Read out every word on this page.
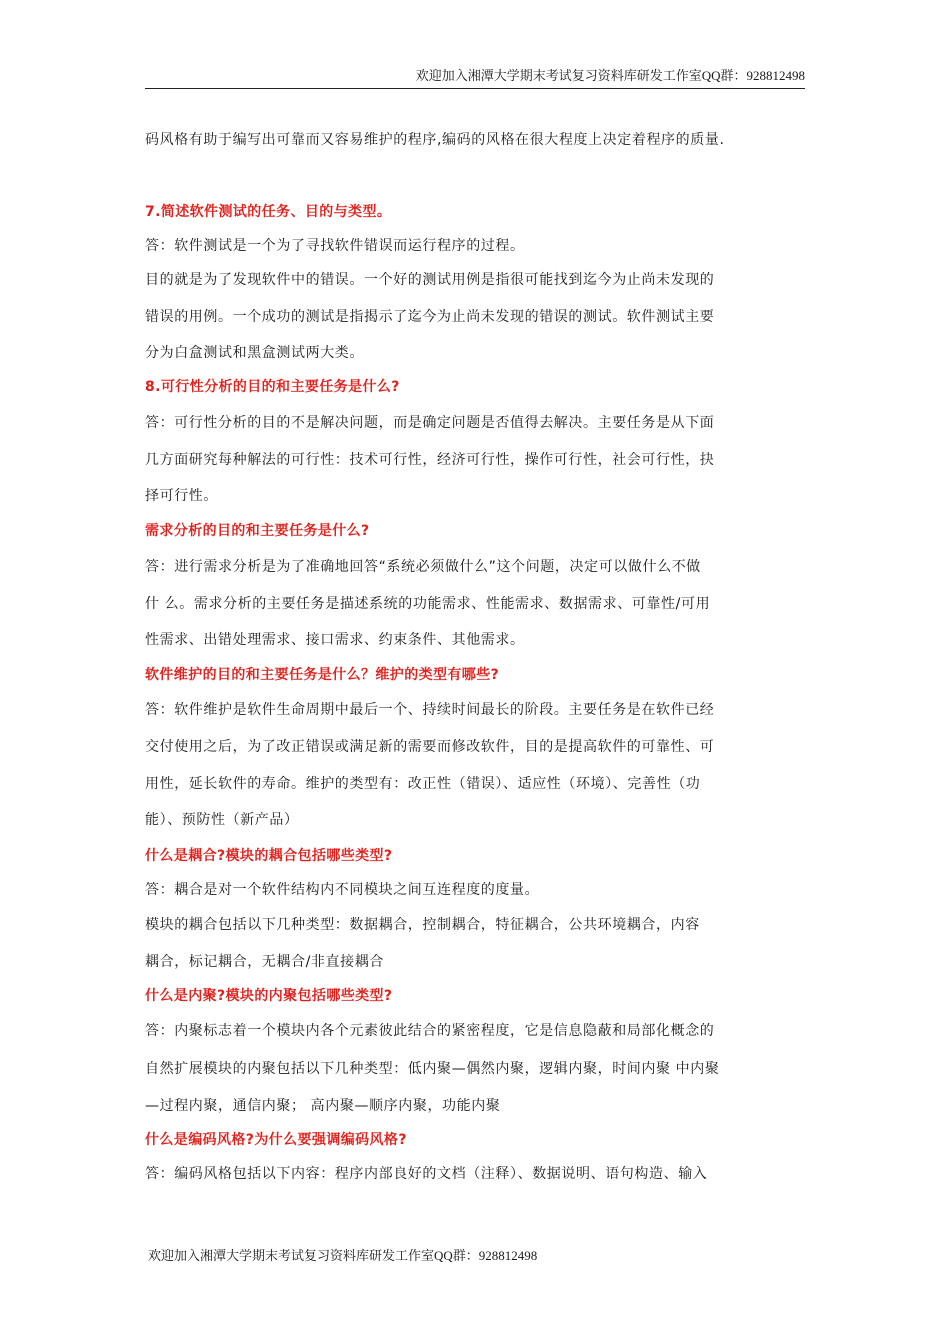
欢迎加入湘潭大学期末考试复习资料库研发工作室QQ群：928812498
码风格有助于编写出可靠而又容易维护的程序,编码的风格在很大程度上决定着程序的质量.
7.简述软件测试的任务、目的与类型。
答：软件测试是一个为了寻找软件错误而运行程序的过程。
目的就是为了发现软件中的错误。一个好的测试用例是指很可能找到迄今为止尚未发现的
错误的用例。一个成功的测试是指揭示了迄今为止尚未发现的错误的测试。软件测试主要
分为白盒测试和黑盒测试两大类。
8.可行性分析的目的和主要任务是什么?
答：可行性分析的目的不是解决问题，而是确定问题是否值得去解决。主要任务是从下面
几方面研究每种解法的可行性：技术可行性，经济可行性，操作可行性，社会可行性，抉
择可行性。
需求分析的目的和主要任务是什么?
答：进行需求分析是为了准确地回答“系统必须做什么”这个问题，决定可以做什么不做
什 么。需求分析的主要任务是描述系统的功能需求、性能需求、数据需求、可靠性/可用
性需求、出错处理需求、接口需求、约束条件、其他需求。
软件维护的目的和主要任务是什么？维护的类型有哪些?
答：软件维护是软件生命周期中最后一个、持续时间最长的阶段。主要任务是在软件已经
交付使用之后，为了改正错误或满足新的需要而修改软件，目的是提高软件的可靠性、可
用性，延长软件的寿命。维护的类型有：改正性（错误）、适应性（环境）、完善性（功
能）、预防性（新产品）
什么是耦合?模块的耦合包括哪些类型?
答：耦合是对一个软件结构内不同模块之间互连程度的度量。
模块的耦合包括以下几种类型：数据耦合，控制耦合，特征耦合，公共环境耦合，内容
耦合，标记耦合，无耦合/非直接耦合
什么是内聚?模块的内聚包括哪些类型?
答：内聚标志着一个模块内各个元素彼此结合的紧密程度，它是信息隐蔽和局部化概念的
自然扩展模块的内聚包括以下几种类型：低内聚—偶然内聚，逻辑内聚，时间内聚 中内聚
—过程内聚，通信内聚； 高内聚—顺序内聚，功能内聚
什么是编码风格?为什么要强调编码风格?
答：编码风格包括以下内容：程序内部良好的文档（注释）、数据说明、语句构造、输入
欢迎加入湘潭大学期末考试复习资料库研发工作室QQ群：928812498
